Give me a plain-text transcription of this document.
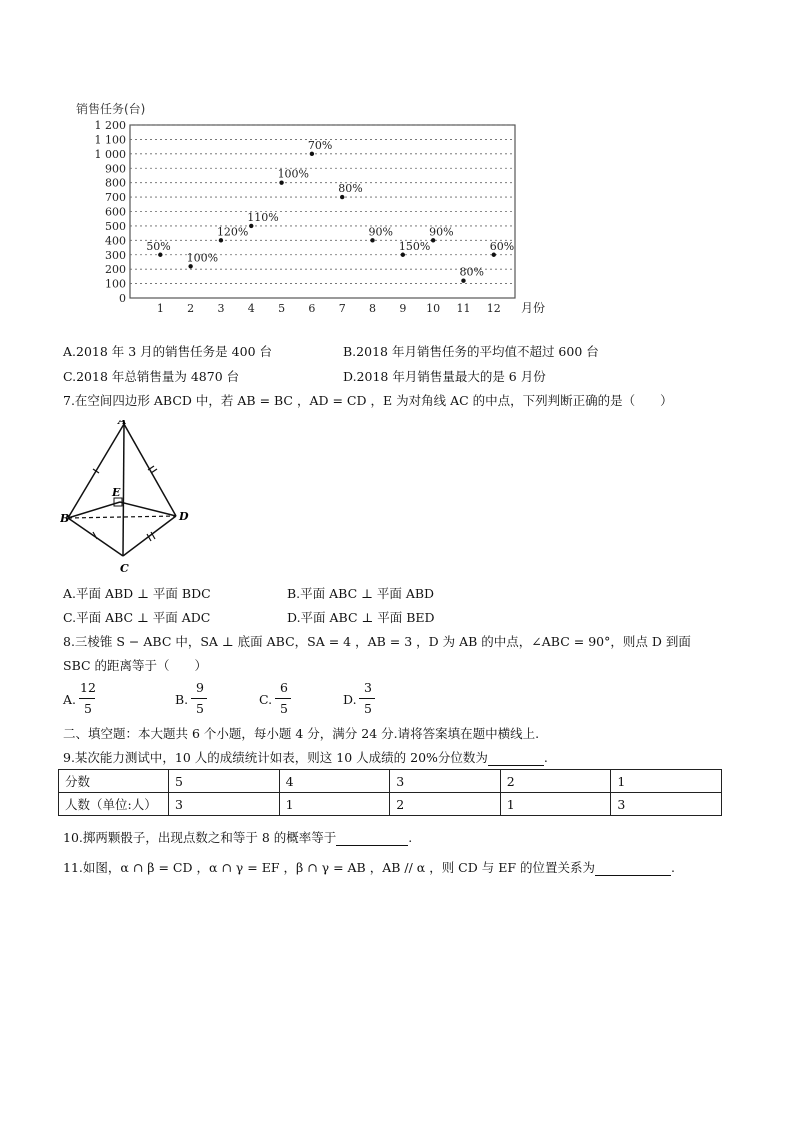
0
100
200
300
400
500
600
700
800
900
1 000
1 100
1 200
1 2 3 4 5 6 7 8 9 10 11 12
销售任务(台)
月份
50%
100%
120%
110%
100%
70%
80%
90%
150%
90%
80%
60%
A.2018 年 3 月的销售任务是 400 台	B.2018 年月销售任务的平均值不超过 600 台
C.2018 年总销售量为 4870 台	D.2018 年月销售量最大的是 6 月份
7.在空间四边形 ABCD 中，若 AB = BC ，AD = CD ，E 为对角线 AC 的中点，下列判断正确的是（　　）
A
B
C
D
E
A.平面 ABD ⊥ 平面 BDC	B.平面 ABC ⊥ 平面 ABD
C.平面 ABC ⊥ 平面 ADC	D.平面 ABC ⊥ 平面 BED
8.三棱锥 S − ABC 中，SA ⊥ 底面 ABC，SA = 4 ，AB = 3 ，D 为 AB 的中点，∠ABC = 90°，则点 D 到面
SBC 的距离等于（　　）
A.
12
5
B.
9
5
C.
6
5
D.
3
5
二、填空题：本大题共 6 个小题，每小题 4 分，满分 24 分.请将答案填在题中横线上.
9.某次能力测试中，10 人的成绩统计如表，则这 10 人成绩的 20%分位数为	.
分数	5	4	3	2	1
人数（单位:人）	3	1	2	1	3
10.掷两颗骰子，出现点数之和等于 8 的概率等于	.
11.如图，α ∩ β = CD ，α ∩ γ = EF ，β ∩ γ = AB ，AB // α ，则 CD 与 EF 的位置关系为	.
